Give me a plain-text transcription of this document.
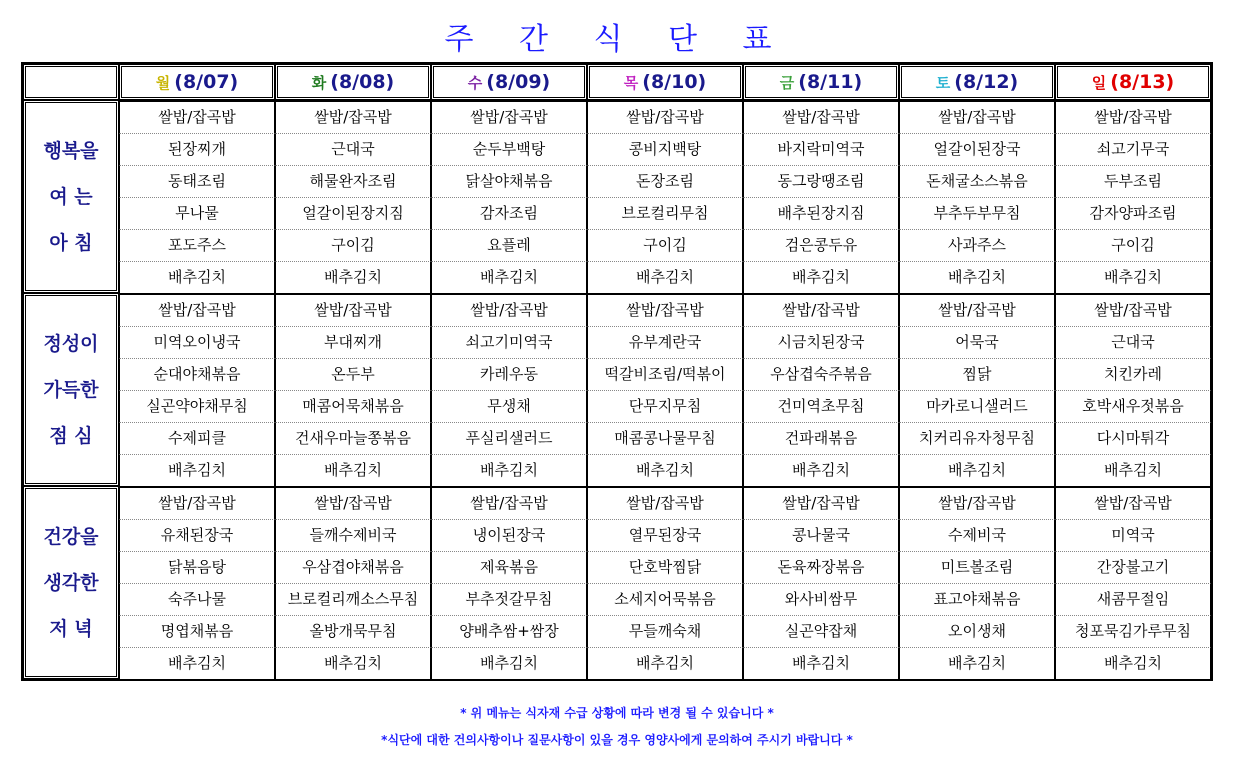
주 간 식 단 표
	월 (8/07)	화 (8/08)	수 (8/09)	목 (8/10)	금 (8/11)	토 (8/12)	일 (8/13)

행복을
여 는
아 침	쌀밥/잡곡밥	쌀밥/잡곡밥	쌀밥/잡곡밥	쌀밥/잡곡밥	쌀밥/잡곡밥	쌀밥/잡곡밥	쌀밥/잡곡밥
	된장찌개	근대국	순두부백탕	콩비지백탕	바지락미역국	얼갈이된장국	쇠고기무국
	동태조림	해물완자조림	닭살야채볶음	돈장조림	동그랑땡조림	돈채굴소스볶음	두부조림
	무나물	얼갈이된장지짐	감자조림	브로컬리무침	배추된장지짐	부추두부무침	감자양파조림
	포도주스	구이김	요플레	구이김	검은콩두유	사과주스	구이김
	배추김치	배추김치	배추김치	배추김치	배추김치	배추김치	배추김치

정성이
가득한
점 심	쌀밥/잡곡밥	쌀밥/잡곡밥	쌀밥/잡곡밥	쌀밥/잡곡밥	쌀밥/잡곡밥	쌀밥/잡곡밥	쌀밥/잡곡밥
	미역오이냉국	부대찌개	쇠고기미역국	유부계란국	시금치된장국	어묵국	근대국
	순대야채볶음	온두부	카레우동	떡갈비조림/떡볶이	우삼겹숙주볶음	찜닭	치킨카레
	실곤약야채무침	매콤어묵채볶음	무생채	단무지무침	건미역초무침	마카로니샐러드	호박새우젓볶음
	수제피클	건새우마늘쫑볶음	푸실리샐러드	매콤콩나물무침	건파래볶음	치커리유자청무침	다시마튀각
	배추김치	배추김치	배추김치	배추김치	배추김치	배추김치	배추김치

건강을
생각한
저 녁	쌀밥/잡곡밥	쌀밥/잡곡밥	쌀밥/잡곡밥	쌀밥/잡곡밥	쌀밥/잡곡밥	쌀밥/잡곡밥	쌀밥/잡곡밥
	유채된장국	들깨수제비국	냉이된장국	열무된장국	콩나물국	수제비국	미역국
	닭볶음탕	우삼겹야채볶음	제육볶음	단호박찜닭	돈육짜장볶음	미트볼조림	간장불고기
	숙주나물	브로컬리깨소스무침	부추젓갈무침	소세지어묵볶음	와사비쌈무	표고야채볶음	새콤무절임
	명엽채볶음	올방개묵무침	양배추쌈+쌈장	무들깨숙채	실곤약잡채	오이생채	청포묵김가루무침
	배추김치	배추김치	배추김치	배추김치	배추김치	배추김치	배추김치
* 위 메뉴는 식자재 수급 상황에 따라 변경 될 수 있습니다 *
*식단에 대한 건의사항이나 질문사항이 있을 경우 영양사에게 문의하여 주시기 바랍니다 *
